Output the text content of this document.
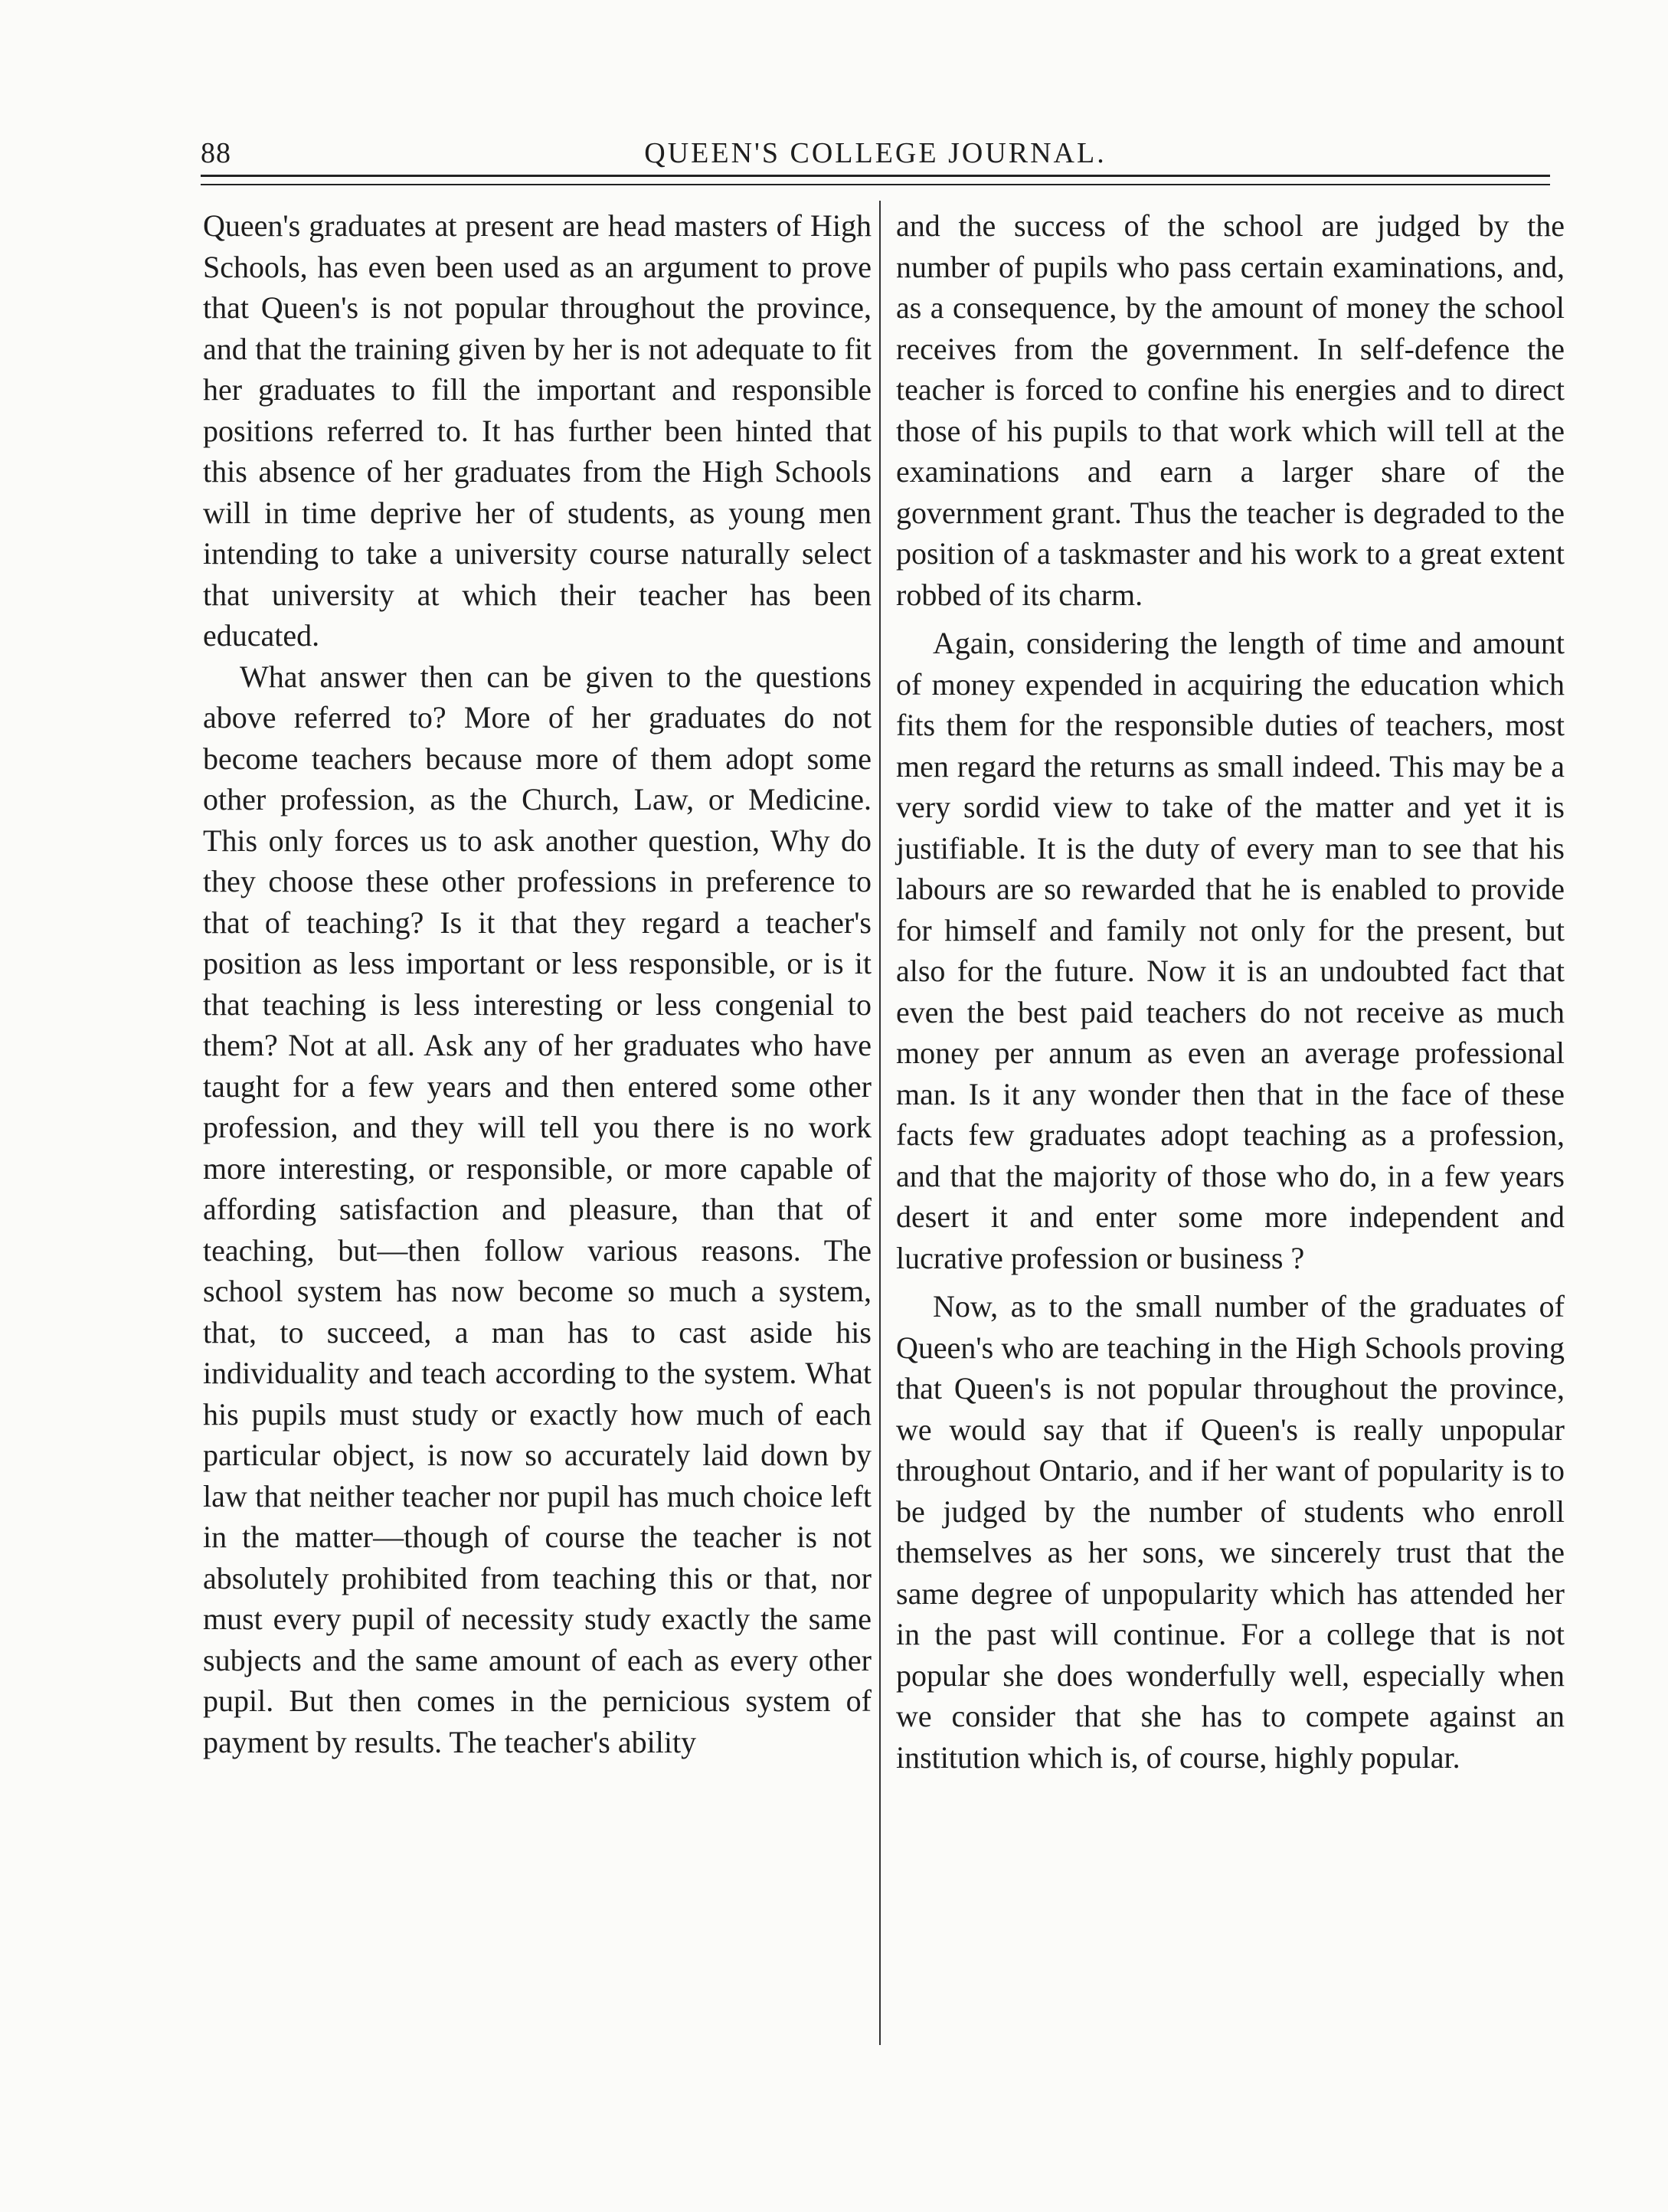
88	QUEEN'S COLLEGE JOURNAL.

Queen's graduates at present are head masters of High Schools, has even been used as an argument to prove that Queen's is not popular throughout the province, and that the training given by her is not adequate to fit her graduates to fill the important and responsible positions referred to. It has further been hinted that this absence of her graduates from the High Schools will in time deprive her of students, as young men intending to take a university course naturally select that university at which their teacher has been educated.

What answer then can be given to the questions above referred to? More of her graduates do not become teachers because more of them adopt some other profession, as the Church, Law, or Medicine. This only forces us to ask another question, Why do they choose these other professions in preference to that of teaching? Is it that they regard a teacher's position as less important or less responsible, or is it that teaching is less interesting or less congenial to them? Not at all. Ask any of her graduates who have taught for a few years and then entered some other profession, and they will tell you there is no work more interesting, or responsible, or more capable of affording satisfaction and pleasure, than that of teaching, but—then follow various reasons. The school system has now become so much a system, that, to succeed, a man has to cast aside his individuality and teach according to the system. What his pupils must study or exactly how much of each particular object, is now so accurately laid down by law that neither teacher nor pupil has much choice left in the matter—though of course the teacher is not absolutely prohibited from teaching this or that, nor must every pupil of necessity study exactly the same subjects and the same amount of each as every other pupil. But then comes in the pernicious system of payment by results. The teacher's ability

and the success of the school are judged by the number of pupils who pass certain examinations, and, as a consequence, by the amount of money the school receives from the government. In self-defence the teacher is forced to confine his energies and to direct those of his pupils to that work which will tell at the examinations and earn a larger share of the government grant. Thus the teacher is degraded to the position of a taskmaster and his work to a great extent robbed of its charm.

Again, considering the length of time and amount of money expended in acquiring the education which fits them for the responsible duties of teachers, most men regard the returns as small indeed. This may be a very sordid view to take of the matter and yet it is justifiable. It is the duty of every man to see that his labours are so rewarded that he is enabled to provide for himself and family not only for the present, but also for the future. Now it is an undoubted fact that even the best paid teachers do not receive as much money per annum as even an average professional man. Is it any wonder then that in the face of these facts few graduates adopt teaching as a profession, and that the majority of those who do, in a few years desert it and enter some more independent and lucrative profession or business ?

Now, as to the small number of the graduates of Queen's who are teaching in the High Schools proving that Queen's is not popular throughout the province, we would say that if Queen's is really unpopular throughout Ontario, and if her want of popularity is to be judged by the number of students who enroll themselves as her sons, we sincerely trust that the same degree of unpopularity which has attended her in the past will continue. For a college that is not popular she does wonderfully well, especially when we consider that she has to compete against an institution which is, of course, highly popular.
